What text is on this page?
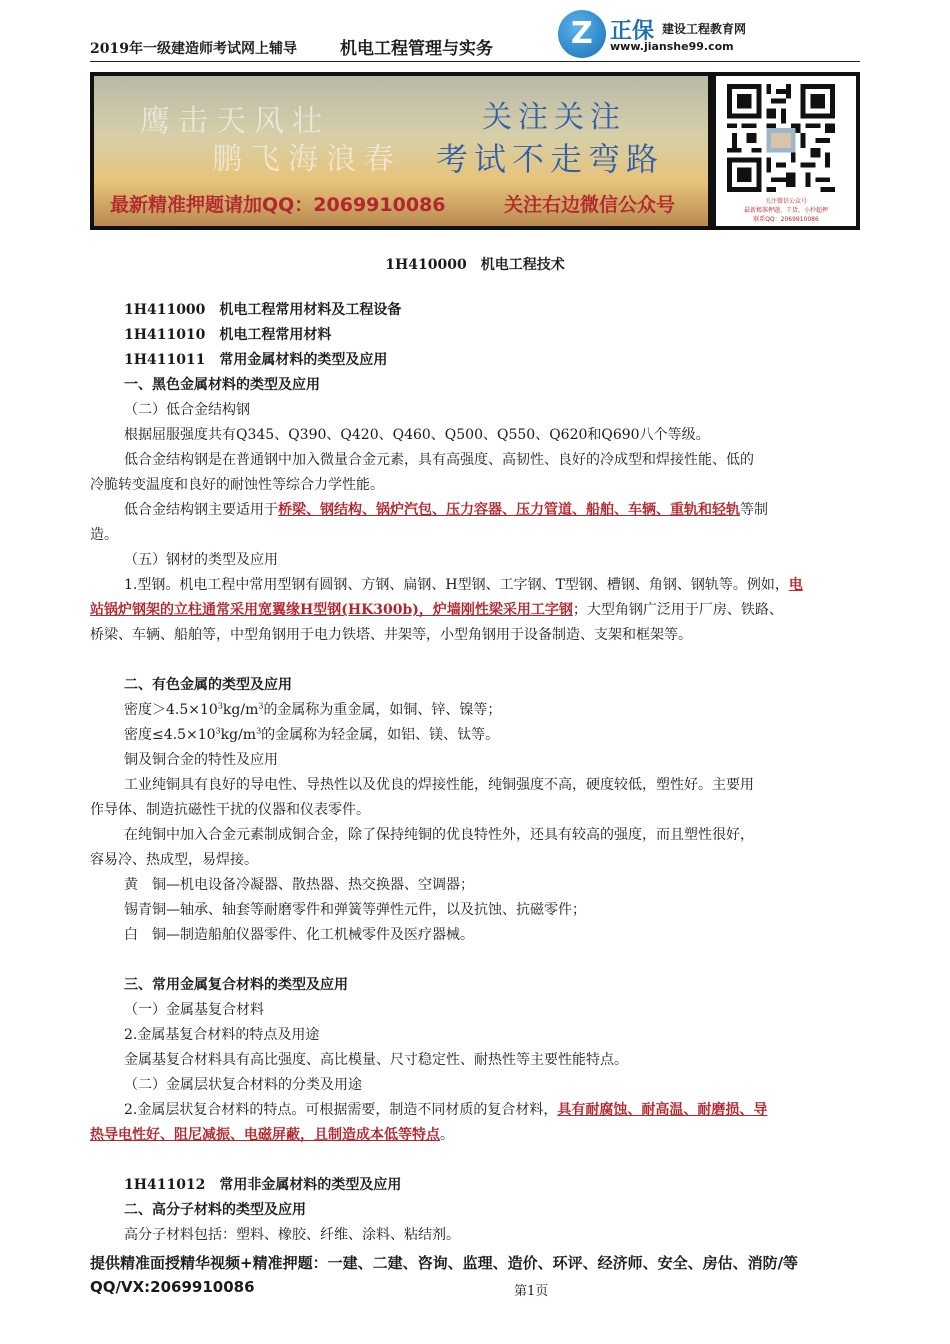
2019年一级建造师考试网上辅导	机电工程管理与实务
Z
正保 建设工程教育网
www.jianshe99.com
鹰击天风壮
鹏飞海浪春
关注关注
考试不走弯路
最新精准押题请加QQ：2069910086	关注右边微信公众号	关注微信公众号
最新精准押题、干货、小抄超押
联系QQ：2069910086
1H410000　机电工程技术
1H411000　机电工程常用材料及工程设备
1H411010　机电工程常用材料
1H411011　常用金属材料的类型及应用
一、黑色金属材料的类型及应用
（二）低合金结构钢
根据屈服强度共有Q345、Q390、Q420、Q460、Q500、Q550、Q620和Q690八个等级。
低合金结构钢是在普通钢中加入微量合金元素，具有高强度、高韧性、良好的冷成型和焊接性能、低的
冷脆转变温度和良好的耐蚀性等综合力学性能。
低合金结构钢主要适用于桥梁、钢结构、锅炉汽包、压力容器、压力管道、船舶、车辆、重轨和轻轨等制
造。
（五）钢材的类型及应用
1.型钢。机电工程中常用型钢有圆钢、方钢、扁钢、H型钢、工字钢、T型钢、槽钢、角钢、钢轨等。例如，电
站锅炉钢架的立柱通常采用宽翼缘H型钢(HK300b)，炉墙刚性梁采用工字钢；大型角钢广泛用于厂房、铁路、
桥梁、车辆、船舶等，中型角钢用于电力铁塔、井架等，小型角钢用于设备制造、支架和框架等。
二、有色金属的类型及应用
密度$>4.5\times 10^3kg/m^3$的金属称为重金属，如铜、锌、镍等；
密度$\le 4.5\times 10^3kg/m^3$的金属称为轻金属，如铝、镁、钛等。
铜及铜合金的特性及应用
工业纯铜具有良好的导电性、导热性以及优良的焊接性能，纯铜强度不高，硬度较低，塑性好。主要用
作导体、制造抗磁性干扰的仪器和仪表零件。
在纯铜中加入合金元素制成铜合金，除了保持纯铜的优良特性外，还具有较高的强度，而且塑性很好，
容易冷、热成型，易焊接。
黄　铜—机电设备冷凝器、散热器、热交换器、空调器；
锡青铜—轴承、轴套等耐磨零件和弹簧等弹性元件，以及抗蚀、抗磁零件；
白　铜—制造船舶仪器零件、化工机械零件及医疗器械。
三、常用金属复合材料的类型及应用
（一）金属基复合材料
2.金属基复合材料的特点及用途
金属基复合材料具有高比强度、高比模量、尺寸稳定性、耐热性等主要性能特点。
（二）金属层状复合材料的分类及用途
2.金属层状复合材料的特点。可根据需要，制造不同材质的复合材料，具有耐腐蚀、耐高温、耐磨损、导
热导电性好、阻尼减振、电磁屏蔽，且制造成本低等特点。
1H411012　常用非金属材料的类型及应用
二、高分子材料的类型及应用
高分子材料包括：塑料、橡胶、纤维、涂料、粘结剂。
提供精准面授精华视频+精准押题：一建、二建、咨询、监理、造价、环评、经济师、安全、房估、消防/等
QQ/VX:2069910086	第1页
